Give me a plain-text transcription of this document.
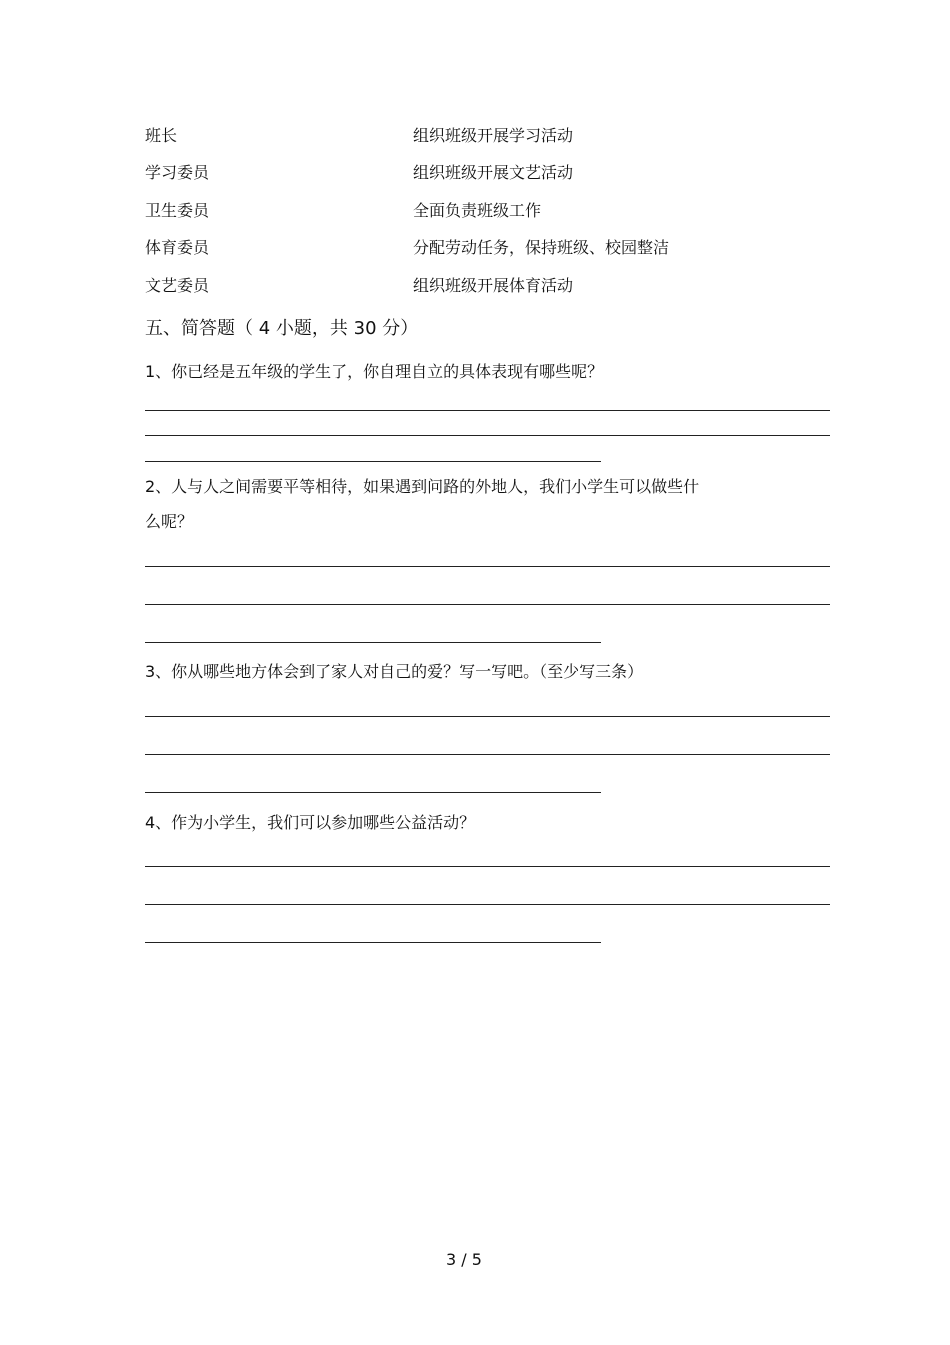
班长
学习委员
卫生委员
体育委员
文艺委员
组织班级开展学习活动
组织班级开展文艺活动
全面负责班级工作
分配劳动任务，保持班级、校园整洁
组织班级开展体育活动
五、简答题（ 4 小题，共 30 分）
1、你已经是五年级的学生了，你自理自立的具体表现有哪些呢？
2、人与人之间需要平等相待，如果遇到问路的外地人，我们小学生可以做些什
么呢？
3、你从哪些地方体会到了家人对自己的爱？写一写吧。（至少写三条）
4、作为小学生，我们可以参加哪些公益活动？
3 / 5
